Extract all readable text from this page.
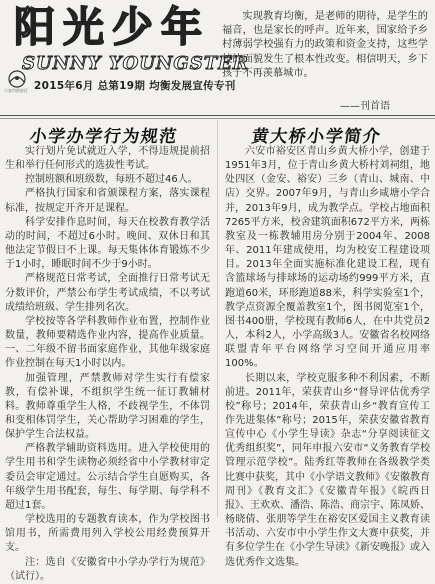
阳光少年
SUNNY YOUNGSTER
六安市裕安区 2015年6月 总第19期 均衡发展宣传专刊
实现教育均衡，是老师的期待，是学生的福音，也是家长的呼声。近年来，国家给予乡村薄弱学校强有力的政策和资金支持，这些学校的面貌发生了根本性改变。相信明天，乡下孩子不再羡慕城市。
——刊首语
小学办学行为规范	黄大桥小学简介

实行划片免试就近入学，不得违规提前招生和举行任何形式的选拔性考试。

控制班额和班级数，每班不超过46人。

严格执行国家和省颁课程方案，落实课程标准，按规定开齐开足课程。

科学安排作息时间，每天在校教育教学活动的时间，不超过6小时。晚间、双休日和其他法定节假日不上课。每天集体体育锻炼不少于1小时，睡眠时间不少于9小时。

严格规范日常考试，全面推行日常考试无分数评价，严禁公布学生考试成绩，不以考试成绩给班级、学生排列名次。

学校按等各学科教师作业布置，控制作业数量，教师要精选作业内容，提高作业质量。一、二年级不留书面家庭作业，其他年级家庭作业控制在每天1小时以内。

加强管理，严禁教师对学生实行有偿家教，有偿补课，不组织学生统一征订教辅材料。教师尊重学生人格，不歧视学生，不体罚和变相体罚学生，关心帮助学习困难的学生，保护学生合法权益。

严格教学辅助资料选用。进入学校使用的学生用书和学生读物必须经省中小学教材审定委员会审定通过。公示结合学生自愿购买，各年级学生用书配套，每生、每学期、每学科不超过1套。

学校选用的专题教育读本，作为学校图书馆用书，所需费用列入学校公用经费预算开支。

注：选自《安徽省中小学办学行为规范》（试行）。

六安市裕安区青山乡黄大桥小学，创建于1951年3月，位于青山乡黄大桥村刘祠组，地处四区（金安、裕安）三乡（青山、城南、中店）交界。2007年9月，与青山乡咸塘小学合并，2013年9月，成为教学点。学校占地面积7265平方米，校舍建筑面积672平方米，两栋教室及一栋教辅用房分别于2004年、2008年、2011年建成使用，均为校安工程建设项目。2013年全面实施标准化建设工程，现有含篮球场与排球场的运动场约999平方米，直跑道60米，环形跑道88米，科学实验室1个，教学点资源全覆盖教室1个，图书阅览室1个，图书400册，学校现有教师6人，在中共党员2人，本科2人，小学高级3人。安徽省名校网络联盟青年平台网络学习空间开通应用率100%。

长期以来，学校克服多种不利因素，不断前进。2011年，荣获青山乡“督导评估优秀学校”称号；2014年，荣获青山乡“教育宣传工作先进集体”称号；2015年，荣获安徽省教育宣传中心《小学生导读》杂志“分享阅读征文优秀组织奖”，同年申报六安市“义务教育学校管理示范学校”。陆秀红等教师在各级教学类比赛中获奖，其中《小学语文教师》《安徽教育周刊》《教育文汇》《安徽青年报》《皖西日报》、王欢欢、潘浩、陈浩、商宗宇、陈凤娇、杨晓倩、张朋等学生在裕安区爱国主义教育读书活动、六安市中小学生作文大赛中获奖，并有多位学生在《小学生导读》《新安晚报》或入选优秀作文选集。
